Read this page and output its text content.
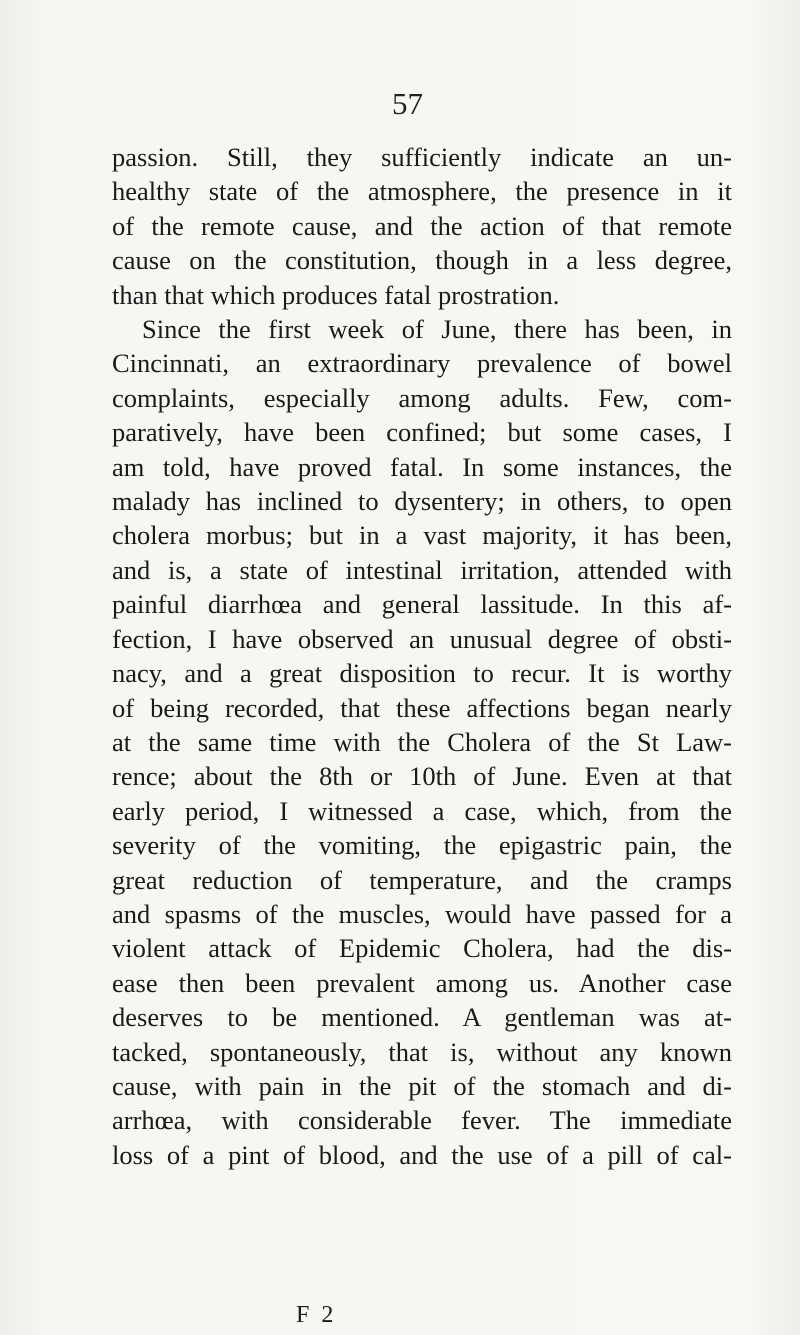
57
passion. Still, they sufficiently indicate an un-
healthy state of the atmosphere, the presence in it
of the remote cause, and the action of that remote
cause on the constitution, though in a less degree,
than that which produces fatal prostration.
Since the first week of June, there has been, in
Cincinnati, an extraordinary prevalence of bowel
complaints, especially among adults. Few, com-
paratively, have been confined; but some cases, I
am told, have proved fatal. In some instances, the
malady has inclined to dysentery; in others, to open
cholera morbus; but in a vast majority, it has been,
and is, a state of intestinal irritation, attended with
painful diarrhœa and general lassitude. In this af-
fection, I have observed an unusual degree of obsti-
nacy, and a great disposition to recur. It is worthy
of being recorded, that these affections began nearly
at the same time with the Cholera of the St Law-
rence; about the 8th or 10th of June. Even at that
early period, I witnessed a case, which, from the
severity of the vomiting, the epigastric pain, the
great reduction of temperature, and the cramps
and spasms of the muscles, would have passed for a
violent attack of Epidemic Cholera, had the dis-
ease then been prevalent among us. Another case
deserves to be mentioned. A gentleman was at-
tacked, spontaneously, that is, without any known
cause, with pain in the pit of the stomach and di-
arrhœa, with considerable fever. The immediate
loss of a pint of blood, and the use of a pill of cal-
F 2
